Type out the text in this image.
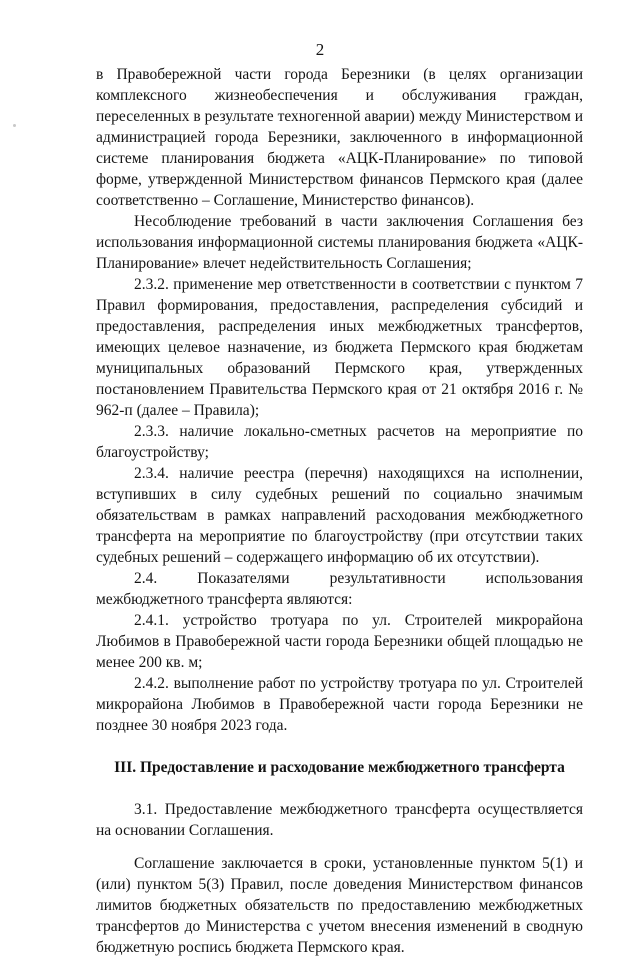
2

в Правобережной части города Березники (в целях организации комплексного жизнеобеспечения и обслуживания граждан, переселенных в результате техногенной аварии) между Министерством и администрацией города Березники, заключенного в информационной системе планирования бюджета «АЦК-Планирование» по типовой форме, утвержденной Министерством финансов Пермского края (далее соответственно – Соглашение, Министерство финансов).

Несоблюдение требований в части заключения Соглашения без использования информационной системы планирования бюджета «АЦК-Планирование» влечет недействительность Соглашения;

2.3.2. применение мер ответственности в соответствии с пунктом 7 Правил формирования, предоставления, распределения субсидий и предоставления, распределения иных межбюджетных трансфертов, имеющих целевое назначение, из бюджета Пермского края бюджетам муниципальных образований Пермского края, утвержденных постановлением Правительства Пермского края от 21 октября 2016 г. № 962-п (далее – Правила);

2.3.3. наличие локально-сметных расчетов на мероприятие по благоустройству;

2.3.4. наличие реестра (перечня) находящихся на исполнении, вступивших в силу судебных решений по социально значимым обязательствам в рамках направлений расходования межбюджетного трансферта на мероприятие по благоустройству (при отсутствии таких судебных решений – содержащего информацию об их отсутствии).

2.4. Показателями результативности использования межбюджетного трансферта являются:

2.4.1. устройство тротуара по ул. Строителей микрорайона Любимов в Правобережной части города Березники общей площадью не менее 200 кв. м;

2.4.2. выполнение работ по устройству тротуара по ул. Строителей микрорайона Любимов в Правобережной части города Березники не позднее 30 ноября 2023 года.

III. Предоставление и расходование межбюджетного трансферта

3.1. Предоставление межбюджетного трансферта осуществляется на основании Соглашения.

Соглашение заключается в сроки, установленные пунктом 5(1) и (или) пунктом 5(3) Правил, после доведения Министерством финансов лимитов бюджетных обязательств по предоставлению межбюджетных трансфертов до Министерства с учетом внесения изменений в сводную бюджетную роспись бюджета Пермского края.
